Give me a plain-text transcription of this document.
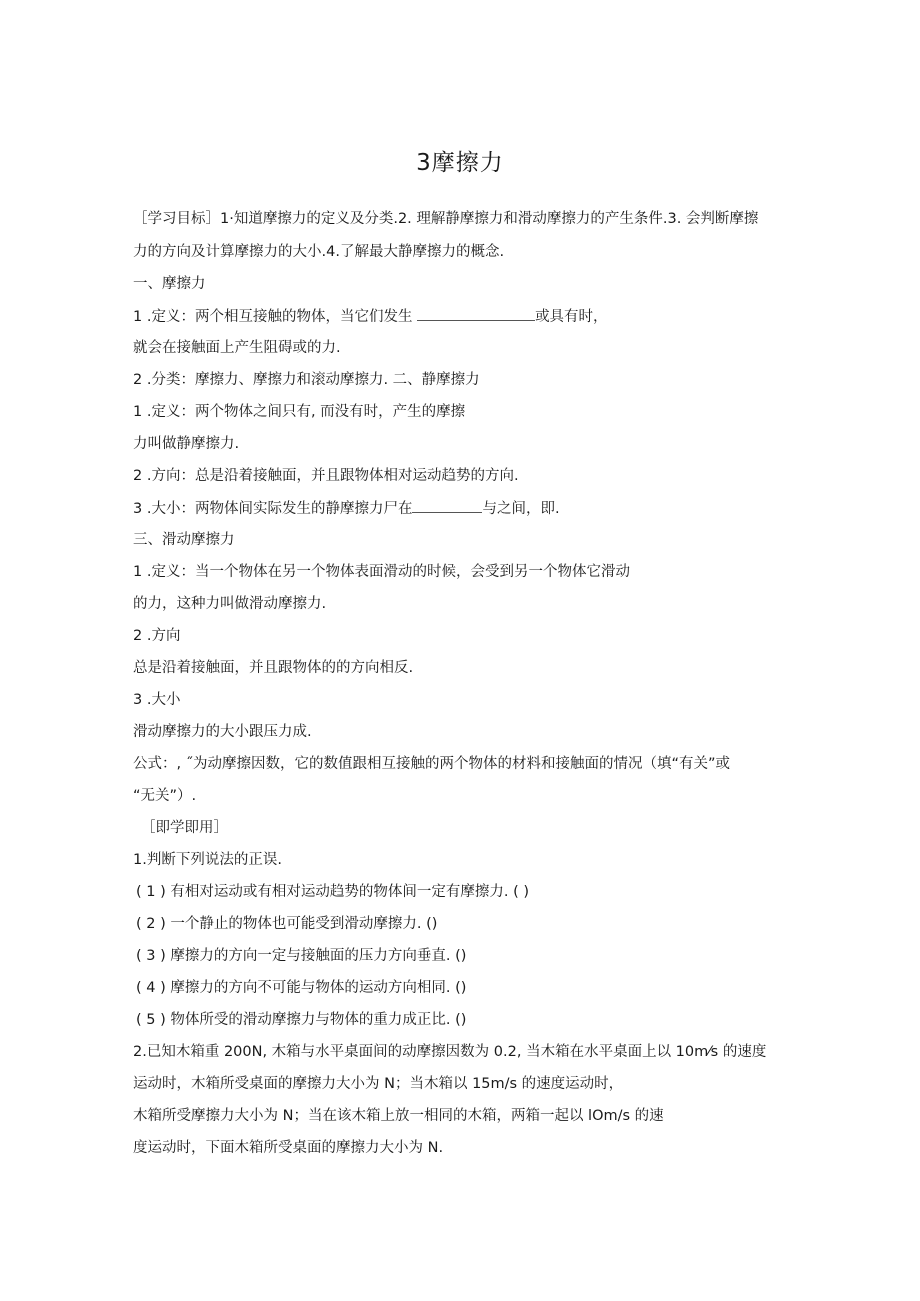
3摩擦力
［学习目标］1·知道摩擦力的定义及分类.2. 理解静摩擦力和滑动摩擦力的产生条件.3. 会判断摩擦
力的方向及计算摩擦力的大小.4.了解最大静摩擦力的概念.
一、摩擦力
1 .定义：两个相互接触的物体，当它们发生	或具有时，
就会在接触面上产生阻碍或的力.
2 .分类：摩擦力、摩擦力和滚动摩擦力. 二、静摩擦力
1 .定义：两个物体之间只有, 而没有时，产生的摩擦
力叫做静摩擦力.
2 .方向：总是沿着接触面，并且跟物体相对运动趋势的方向.
3 .大小：两物体间实际发生的静摩擦力尸在	与之间，即.
三、滑动摩擦力
1 .定义：当一个物体在另一个物体表面滑动的时候，会受到另一个物体它滑动
的力，这种力叫做滑动摩擦力.
2 .方向
总是沿着接触面，并且跟物体的的方向相反.
3 .大小
滑动摩擦力的大小跟压力成.
公式：, ˝为动摩擦因数，它的数值跟相互接触的两个物体的材料和接触面的情况（填“有关”或
“无关”）.
［即学即用］
1.判断下列说法的正误.
( 1 ) 有相对运动或有相对运动趋势的物体间一定有摩擦力. ( )
( 2 ) 一个静止的物体也可能受到滑动摩擦力. ()
( 3 ) 摩擦力的方向一定与接触面的压力方向垂直. ()
( 4 ) 摩擦力的方向不可能与物体的运动方向相同. ()
( 5 ) 物体所受的滑动摩擦力与物体的重力成正比. ()
2.已知木箱重 200N, 木箱与水平桌面间的动摩擦因数为 0.2, 当木箱在水平桌面上以 10m⁄s 的速度
运动时，木箱所受桌面的摩擦力大小为 N；当木箱以 15m/s 的速度运动时，
木箱所受摩擦力大小为 N；当在该木箱上放一相同的木箱，两箱一起以 lOm/s 的速
度运动时，下面木箱所受桌面的摩擦力大小为 N.
